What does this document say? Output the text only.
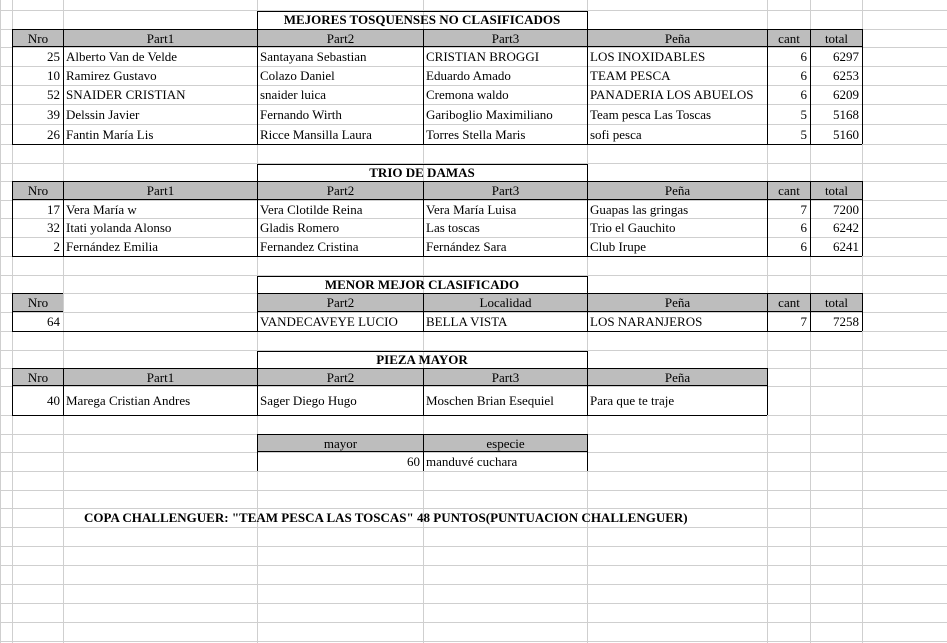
MEJORES TOSQUENSES NO CLASIFICADOS
Nro	Part1	Part2	Part3	Peña	cant	total
25 Alberto Van de Velde	Santayana Sebastian	CRISTIAN BROGGI	LOS INOXIDABLES	6	6297
10 Ramirez Gustavo	Colazo Daniel	Eduardo Amado	TEAM PESCA	6	6253
52 SNAIDER CRISTIAN	snaider luica	Cremona waldo	PANADERIA LOS ABUELOS	6	6209
39 Delssin Javier	Fernando Wirth	Gariboglio Maximiliano	Team pesca Las Toscas	5	5168
26 Fantin María Lis	Ricce Mansilla Laura	Torres Stella Maris	sofi pesca	5	5160
TRIO DE DAMAS
Nro	Part1	Part2	Part3	Peña	cant	total
17 Vera María w	Vera Clotilde Reina	Vera María Luisa	Guapas las gringas	7	7200
32 Itati yolanda Alonso	Gladis Romero	Las toscas	Trio el Gauchito	6	6242
2 Fernández Emilia	Fernandez Cristina	Fernández Sara	Club Irupe	6	6241
MENOR MEJOR CLASIFICADO
Nro	Part2	Localidad	Peña	cant	total
64	VANDECAVEYE LUCIO	BELLA VISTA	LOS NARANJEROS	7	7258
PIEZA MAYOR
Nro	Part1	Part2	Part3	Peña
40 Marega Cristian Andres	Sager Diego Hugo	Moschen Brian Esequiel	Para que te traje
mayor	especie
60 manduvé cuchara
COPA CHALLENGUER: "TEAM PESCA LAS TOSCAS" 48 PUNTOS(PUNTUACION CHALLENGUER)
